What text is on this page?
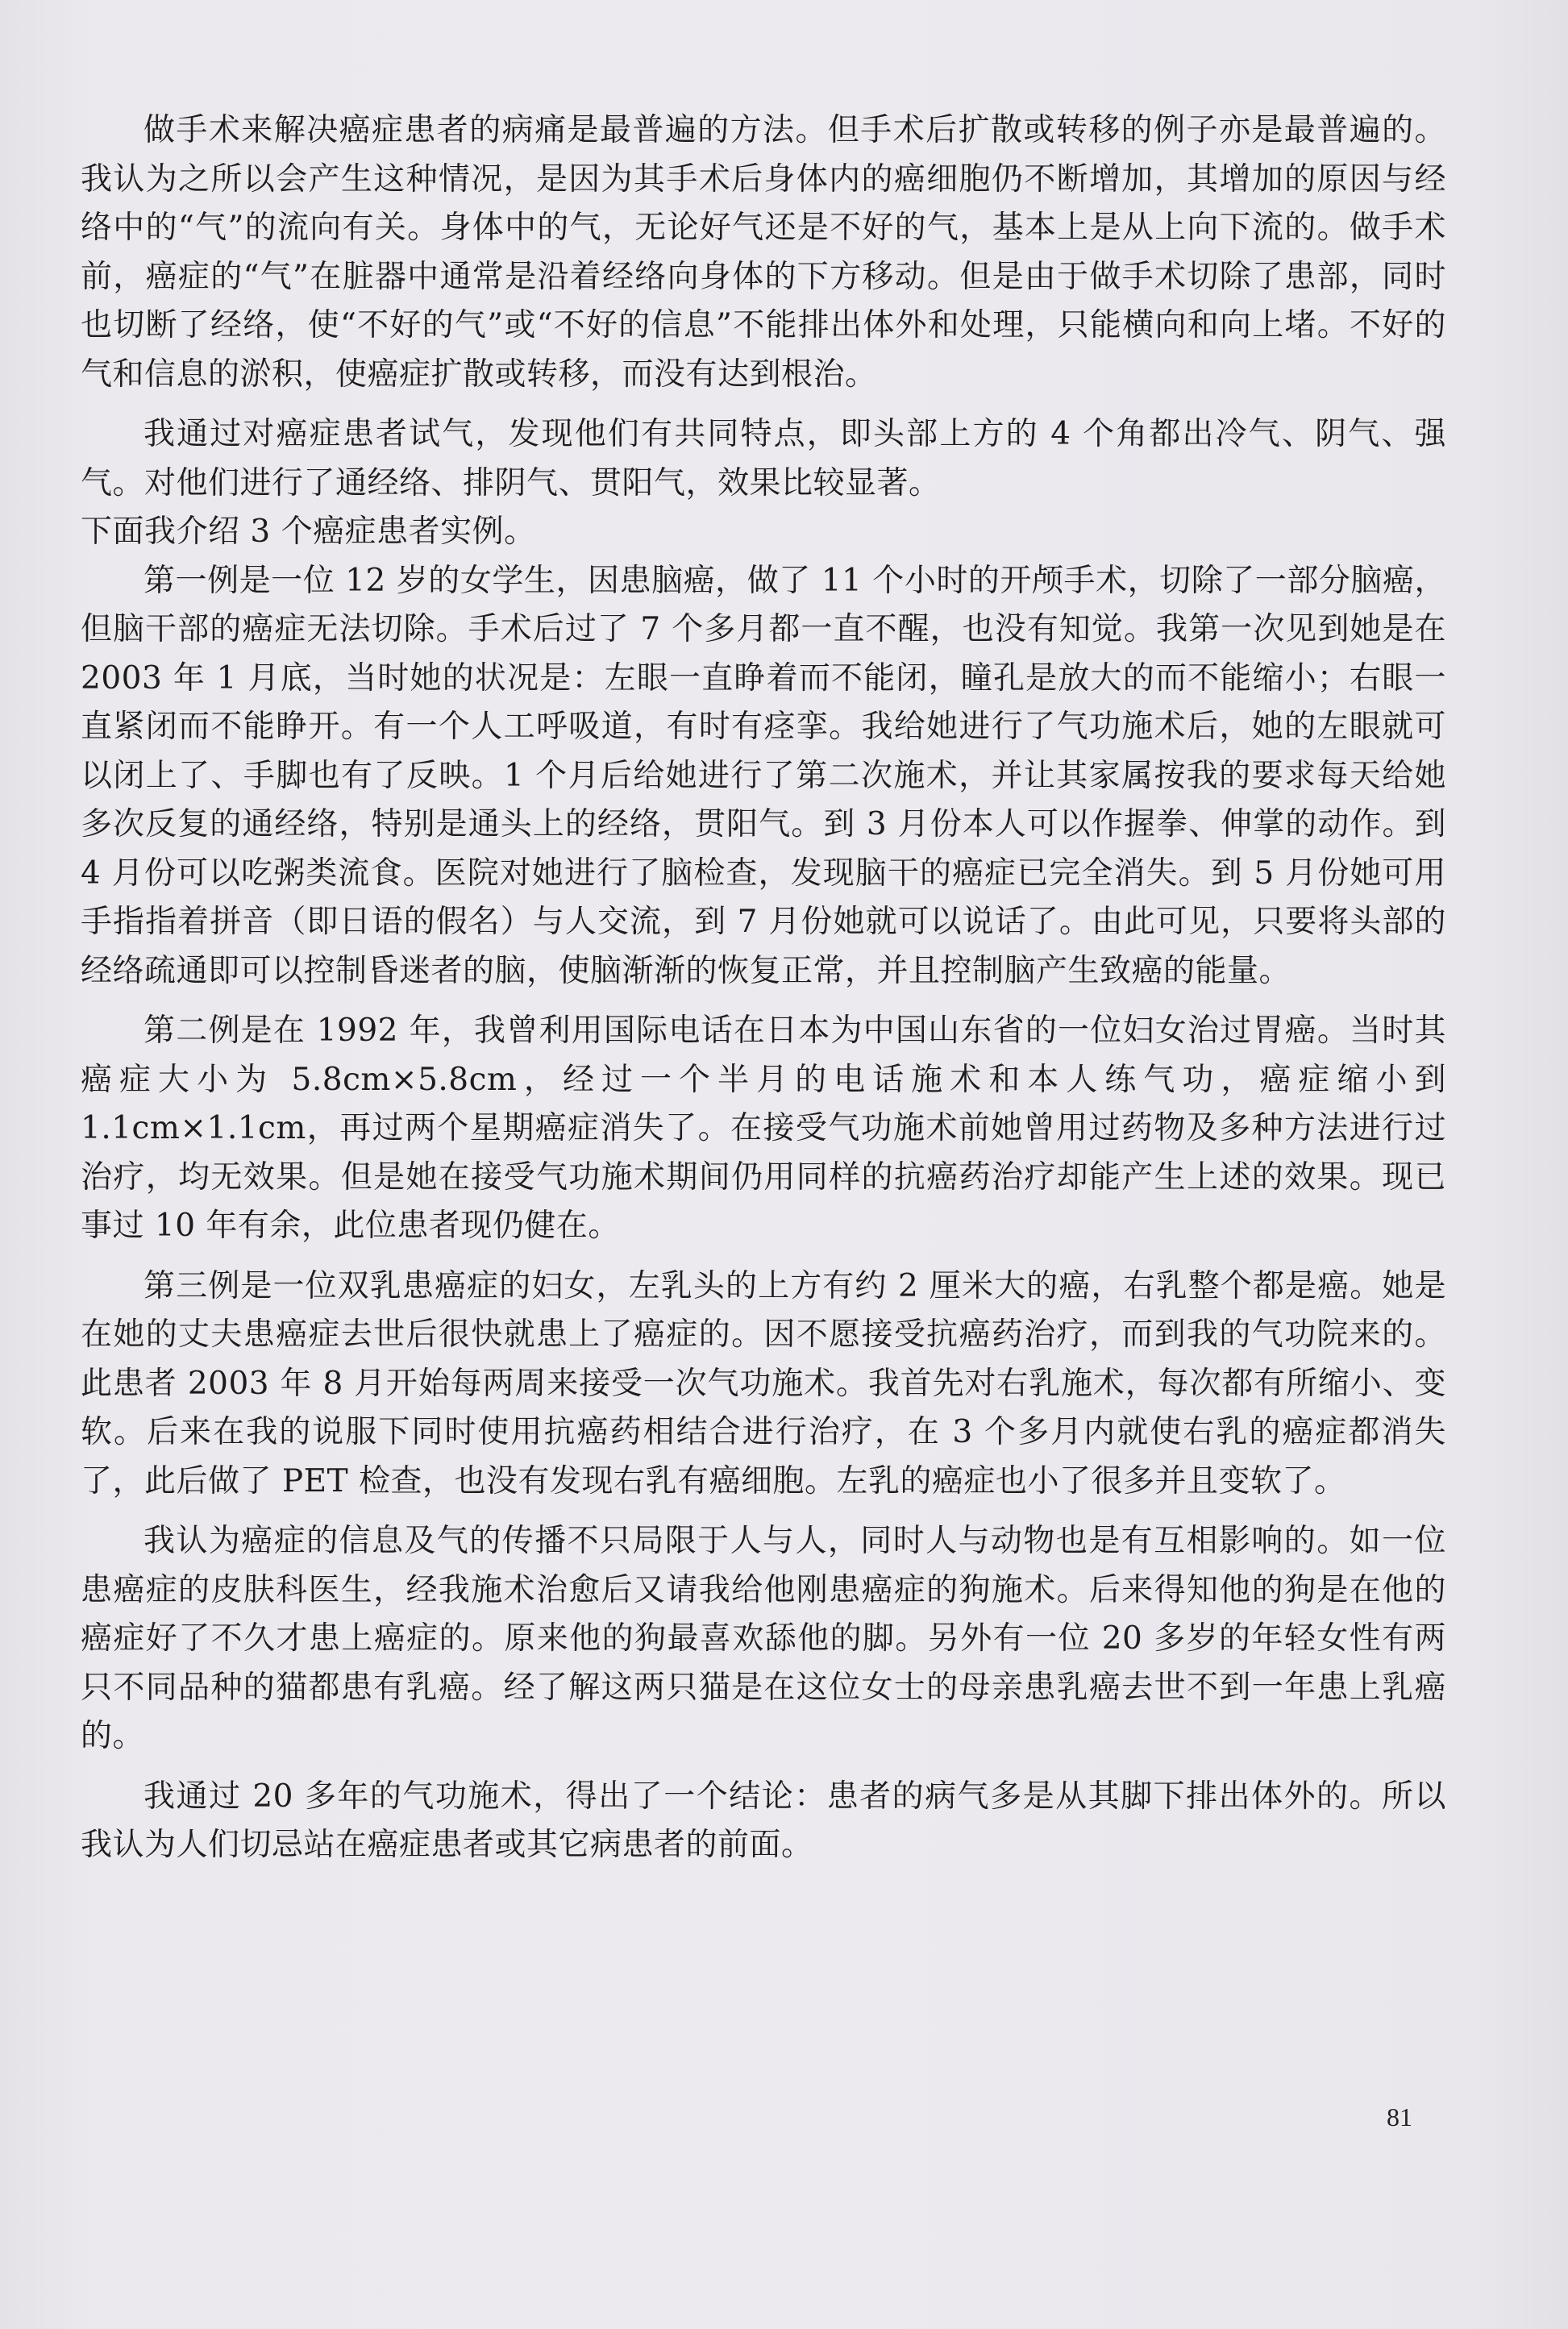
做手术来解决癌症患者的病痛是最普遍的方法。但手术后扩散或转移的例子亦是最普遍的。我认为之所以会产生这种情况，是因为其手术后身体内的癌细胞仍不断增加，其增加的原因与经络中的“气”的流向有关。身体中的气，无论好气还是不好的气，基本上是从上向下流的。做手术前，癌症的“气”在脏器中通常是沿着经络向身体的下方移动。但是由于做手术切除了患部，同时也切断了经络，使“不好的气”或“不好的信息”不能排出体外和处理，只能横向和向上堵。不好的气和信息的淤积，使癌症扩散或转移，而没有达到根治。

我通过对癌症患者试气，发现他们有共同特点，即头部上方的 4 个角都出冷气、阴气、强气。对他们进行了通经络、排阴气、贯阳气，效果比较显著。

下面我介绍 3 个癌症患者实例。

第一例是一位 12 岁的女学生，因患脑癌，做了 11 个小时的开颅手术，切除了一部分脑癌，但脑干部的癌症无法切除。手术后过了 7 个多月都一直不醒，也没有知觉。我第一次见到她是在 2003 年 1 月底，当时她的状况是：左眼一直睁着而不能闭，瞳孔是放大的而不能缩小；右眼一直紧闭而不能睁开。有一个人工呼吸道，有时有痉挛。我给她进行了气功施术后，她的左眼就可以闭上了、手脚也有了反映。1 个月后给她进行了第二次施术，并让其家属按我的要求每天给她多次反复的通经络，特别是通头上的经络，贯阳气。到 3 月份本人可以作握拳、伸掌的动作。到 4 月份可以吃粥类流食。医院对她进行了脑检查，发现脑干的癌症已完全消失。到 5 月份她可用手指指着拼音（即日语的假名）与人交流，到 7 月份她就可以说话了。由此可见，只要将头部的经络疏通即可以控制昏迷者的脑，使脑渐渐的恢复正常，并且控制脑产生致癌的能量。

第二例是在 1992 年，我曾利用国际电话在日本为中国山东省的一位妇女治过胃癌。当时其癌症大小为 5.8cm×5.8cm，经过一个半月的电话施术和本人练气功，癌症缩小到 1.1cm×1.1cm，再过两个星期癌症消失了。在接受气功施术前她曾用过药物及多种方法进行过治疗，均无效果。但是她在接受气功施术期间仍用同样的抗癌药治疗却能产生上述的效果。现已事过 10 年有余，此位患者现仍健在。

第三例是一位双乳患癌症的妇女，左乳头的上方有约 2 厘米大的癌，右乳整个都是癌。她是在她的丈夫患癌症去世后很快就患上了癌症的。因不愿接受抗癌药治疗，而到我的气功院来的。此患者 2003 年 8 月开始每两周来接受一次气功施术。我首先对右乳施术，每次都有所缩小、变软。后来在我的说服下同时使用抗癌药相结合进行治疗，在 3 个多月内就使右乳的癌症都消失了，此后做了 PET 检查，也没有发现右乳有癌细胞。左乳的癌症也小了很多并且变软了。

我认为癌症的信息及气的传播不只局限于人与人，同时人与动物也是有互相影响的。如一位患癌症的皮肤科医生，经我施术治愈后又请我给他刚患癌症的狗施术。后来得知他的狗是在他的癌症好了不久才患上癌症的。原来他的狗最喜欢舔他的脚。另外有一位 20 多岁的年轻女性有两只不同品种的猫都患有乳癌。经了解这两只猫是在这位女士的母亲患乳癌去世不到一年患上乳癌的。

我通过 20 多年的气功施术，得出了一个结论：患者的病气多是从其脚下排出体外的。所以我认为人们切忌站在癌症患者或其它病患者的前面。

81
